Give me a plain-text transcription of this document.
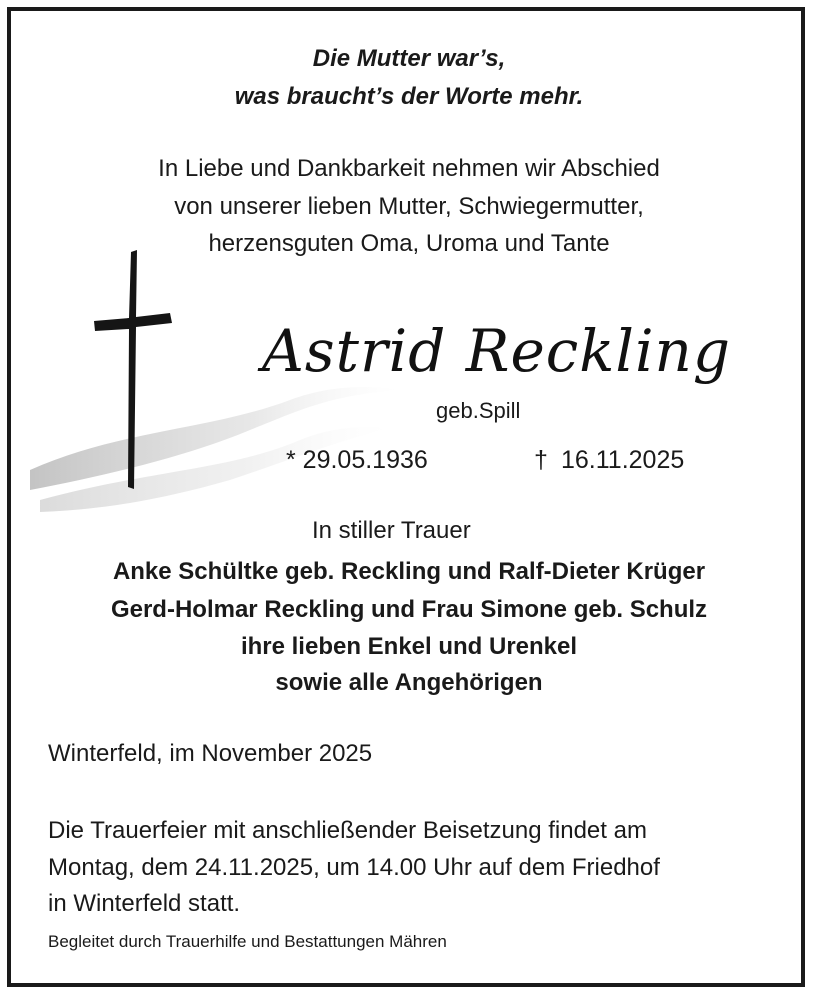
Die Mutter war’s,
was braucht’s der Worte mehr.
In Liebe und Dankbarkeit nehmen wir Abschied
von unserer lieben Mutter, Schwiegermutter,
herzensguten Oma, Uroma und Tante
Astrid Reckling
geb.Spill
* 29.05.1936	† 16.11.2025
In stiller Trauer
Anke Schültke geb. Reckling und Ralf-Dieter Krüger
Gerd-Holmar Reckling und Frau Simone geb. Schulz
ihre lieben Enkel und Urenkel
sowie alle Angehörigen
Winterfeld, im November 2025
Die Trauerfeier mit anschließender Beisetzung findet am
Montag, dem 24.11.2025, um 14.00 Uhr auf dem Friedhof
in Winterfeld statt.
Begleitet durch Trauerhilfe und Bestattungen Mähren
